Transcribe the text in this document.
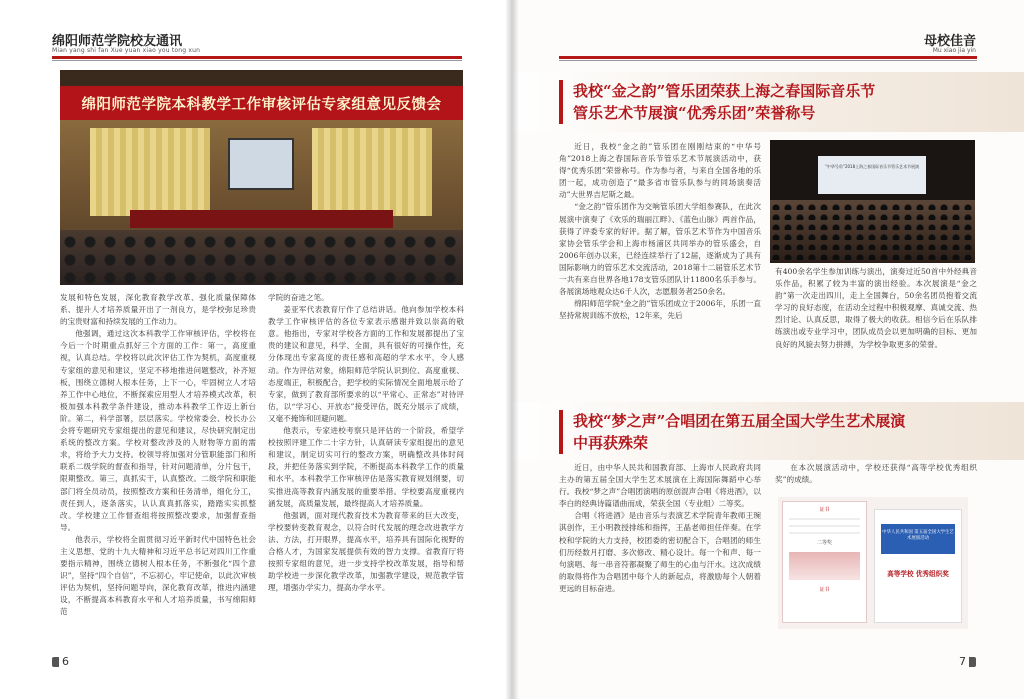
绵阳师范学院校友通讯
Mian yang shi fan Xue yuan xiao you tong xun
绵阳师范学院本科教学工作审核评估专家组意见反馈会

发展和特色发展，深化教育教学改革、强化质量保障体系、提升人才培养质量开出了一剂良方，是学校弥足珍贵的宝贵财富和持续发展的工作动力。

他强调，通过这次本科教学工作审核评估，学校将在今后一个时期重点抓好三个方面的工作：第一，高度重视，认真总结。学校将以此次评估工作为契机，高度重视专家组的意见和建议，坚定不移地推进问题整改，补齐短板，围绕立德树人根本任务，上下一心，牢固树立人才培养工作中心地位，不断探索应用型人才培养模式改革，积极加强本科教学条件建设，推动本科教学工作迈上新台阶。第二，科学部署，层层落实。学校常委会、校长办公会将专题研究专家组提出的意见和建议，尽快研究制定出系统的整改方案。学校对整改涉及的人财物等方面的需求，将给予大力支持。校领导将加强对分管职能部门和所联系二级学院的督查和指导，针对问题清单，分片包干，限期整改。第三，真抓实干，认真整改。二级学院和职能部门将全员动员，按照整改方案和任务清单，细化分工，责任到人，逐条落实，认认真真抓落实，踏踏实实抓整改。学校建立工作督查组将按照整改要求，加强督查指导。

他表示，学校将全面贯彻习近平新时代中国特色社会主义思想、党的十九大精神和习近平总书记对四川工作重要指示精神，围绕立德树人根本任务，不断强化“四个意识”，坚持“四个自信”，不忘初心，牢记使命，以此次审核评估为契机，坚持问题导向，深化教育改革，推进内涵建设，不断提高本科教育水平和人才培养质量，书写绵阳师范

学院的奋进之笔。

姜亚军代表教育厅作了总结讲话。他向参加学校本科教学工作审核评估的各位专家表示感谢并致以崇高的敬意。他指出，专家对学校各方面的工作和发展都提出了宝贵的建议和意见，科学、全面，具有很好的可操作性，充分体现出专家高度的责任感和高超的学术水平，令人感动。作为评估对象，绵阳师范学院认识到位、高度重视、态度端正，积极配合，把学校的实际情况全面地展示给了专家，做到了教育部所要求的以“平常心、正常态”对待评估，以“学习心、开放态”接受评估，既充分展示了成绩，又毫不掩饰和回避问题。

他表示，专家进校考察只是评估的一个阶段，希望学校按照评建工作二十字方针，认真研读专家组提出的意见和建议，制定切实可行的整改方案，明确整改具体时间段，并把任务落实到学院，不断提高本科教学工作的质量和水平。本科教学工作审核评估是落实教育规划纲要，切实推进高等教育内涵发展的重要举措。学校要高度重视内涵发展，高质量发展，最终提高人才培养质量。

他强调，面对现代教育技术为教育带来的巨大改变，学校要转变教育观念，以符合时代发展的理念改进教学方法、方法，打开眼界，提高水平，培养具有国际化视野的合格人才，为国家发展提供有效的智力支撑。省教育厅将按照专家组的意见，进一步支持学校改革发展，指导和帮助学校进一步深化教学改革，加强教学建设，规范教学管理，增强办学实力，提高办学水平。

6
母校佳音
Mu xiao jia yin
我校“金之韵”管乐团荣获上海之春国际音乐节
管乐艺术节展演“优秀乐团”荣誉称号

近日，我校“金之韵”管乐团在刚刚结束的“中华号角”2018上海之春国际音乐节管乐艺术节展演活动中，获得“优秀乐团”荣誉称号。作为参与者，与来自全国各地的乐团一起，成功创造了“最多省市管乐队参与的同场演奏活动”大世界吉尼斯之最。

“金之韵”管乐团作为交响管乐团大学组参赛队，在此次展演中演奏了《欢乐的瑞丽江畔》、《蓝色山脉》两首作品，获得了评委专家的好评。据了解，管乐艺术节作为中国音乐家协会管乐学会和上海市杨浦区共同举办的管乐盛会，自2006年创办以来，已经连续举行了12届，逐渐成为了具有国际影响力的管乐艺术交流活动，2018第十二届管乐艺术节一共有来自世界各地178支管乐团队计11800名乐手参与。各展演场地观众达6千人次，志愿服务者250余名。

绵阳师范学院“金之韵”管乐团成立于2006年，乐团一直坚持常规训练不放松，12年来，先后

“中华号角”2018上海之春国际音乐节管乐艺术节展演

有400余名学生参加训练与演出，演奏过近50首中外经典音乐作品，积累了较为丰富的演出经验。本次展演是“金之韵”第一次走出四川，走上全国舞台，50余名团员抱着交流学习的良好态度，在活动全过程中积极观摩、真诚交流、热烈讨论、认真反思，取得了极大的收获。相信今后在乐队排练演出或专业学习中，团队成员会以更加明确的目标、更加良好的风貌去努力拼搏，为学校争取更多的荣誉。

我校“梦之声”合唱团在第五届全国大学生艺术展演
中再获殊荣

近日，由中华人民共和国教育部、上海市人民政府共同主办的第五届全国大学生艺术展演在上海国际舞蹈中心举行。我校“梦之声”合唱团演唱的原创混声合唱《将进酒》，以李白的经典诗篇谱曲而成，荣获全国（专业组）二等奖。

合唱《将进酒》是由音乐与表演艺术学院青年教师王琬淇创作，王小明教授排练和指挥，王晶老师担任伴奏。在学校和学院的大力支持，校团委的密切配合下，合唱团的师生们历经数月打磨、多次修改、精心设计。每一个和声、每一句演唱、每一串音符都凝聚了师生的心血与汗水。这次成绩的取得将作为合唱团中每个人的新起点，将激励每个人朝着更远的目标奋进。

在本次展演活动中，学校还获得“高等学校优秀组织奖”的成绩。

证书
二等奖
证书
中华人民共和国 第五届全国大学生艺术展演活动
高等学校 优秀组织奖
7
